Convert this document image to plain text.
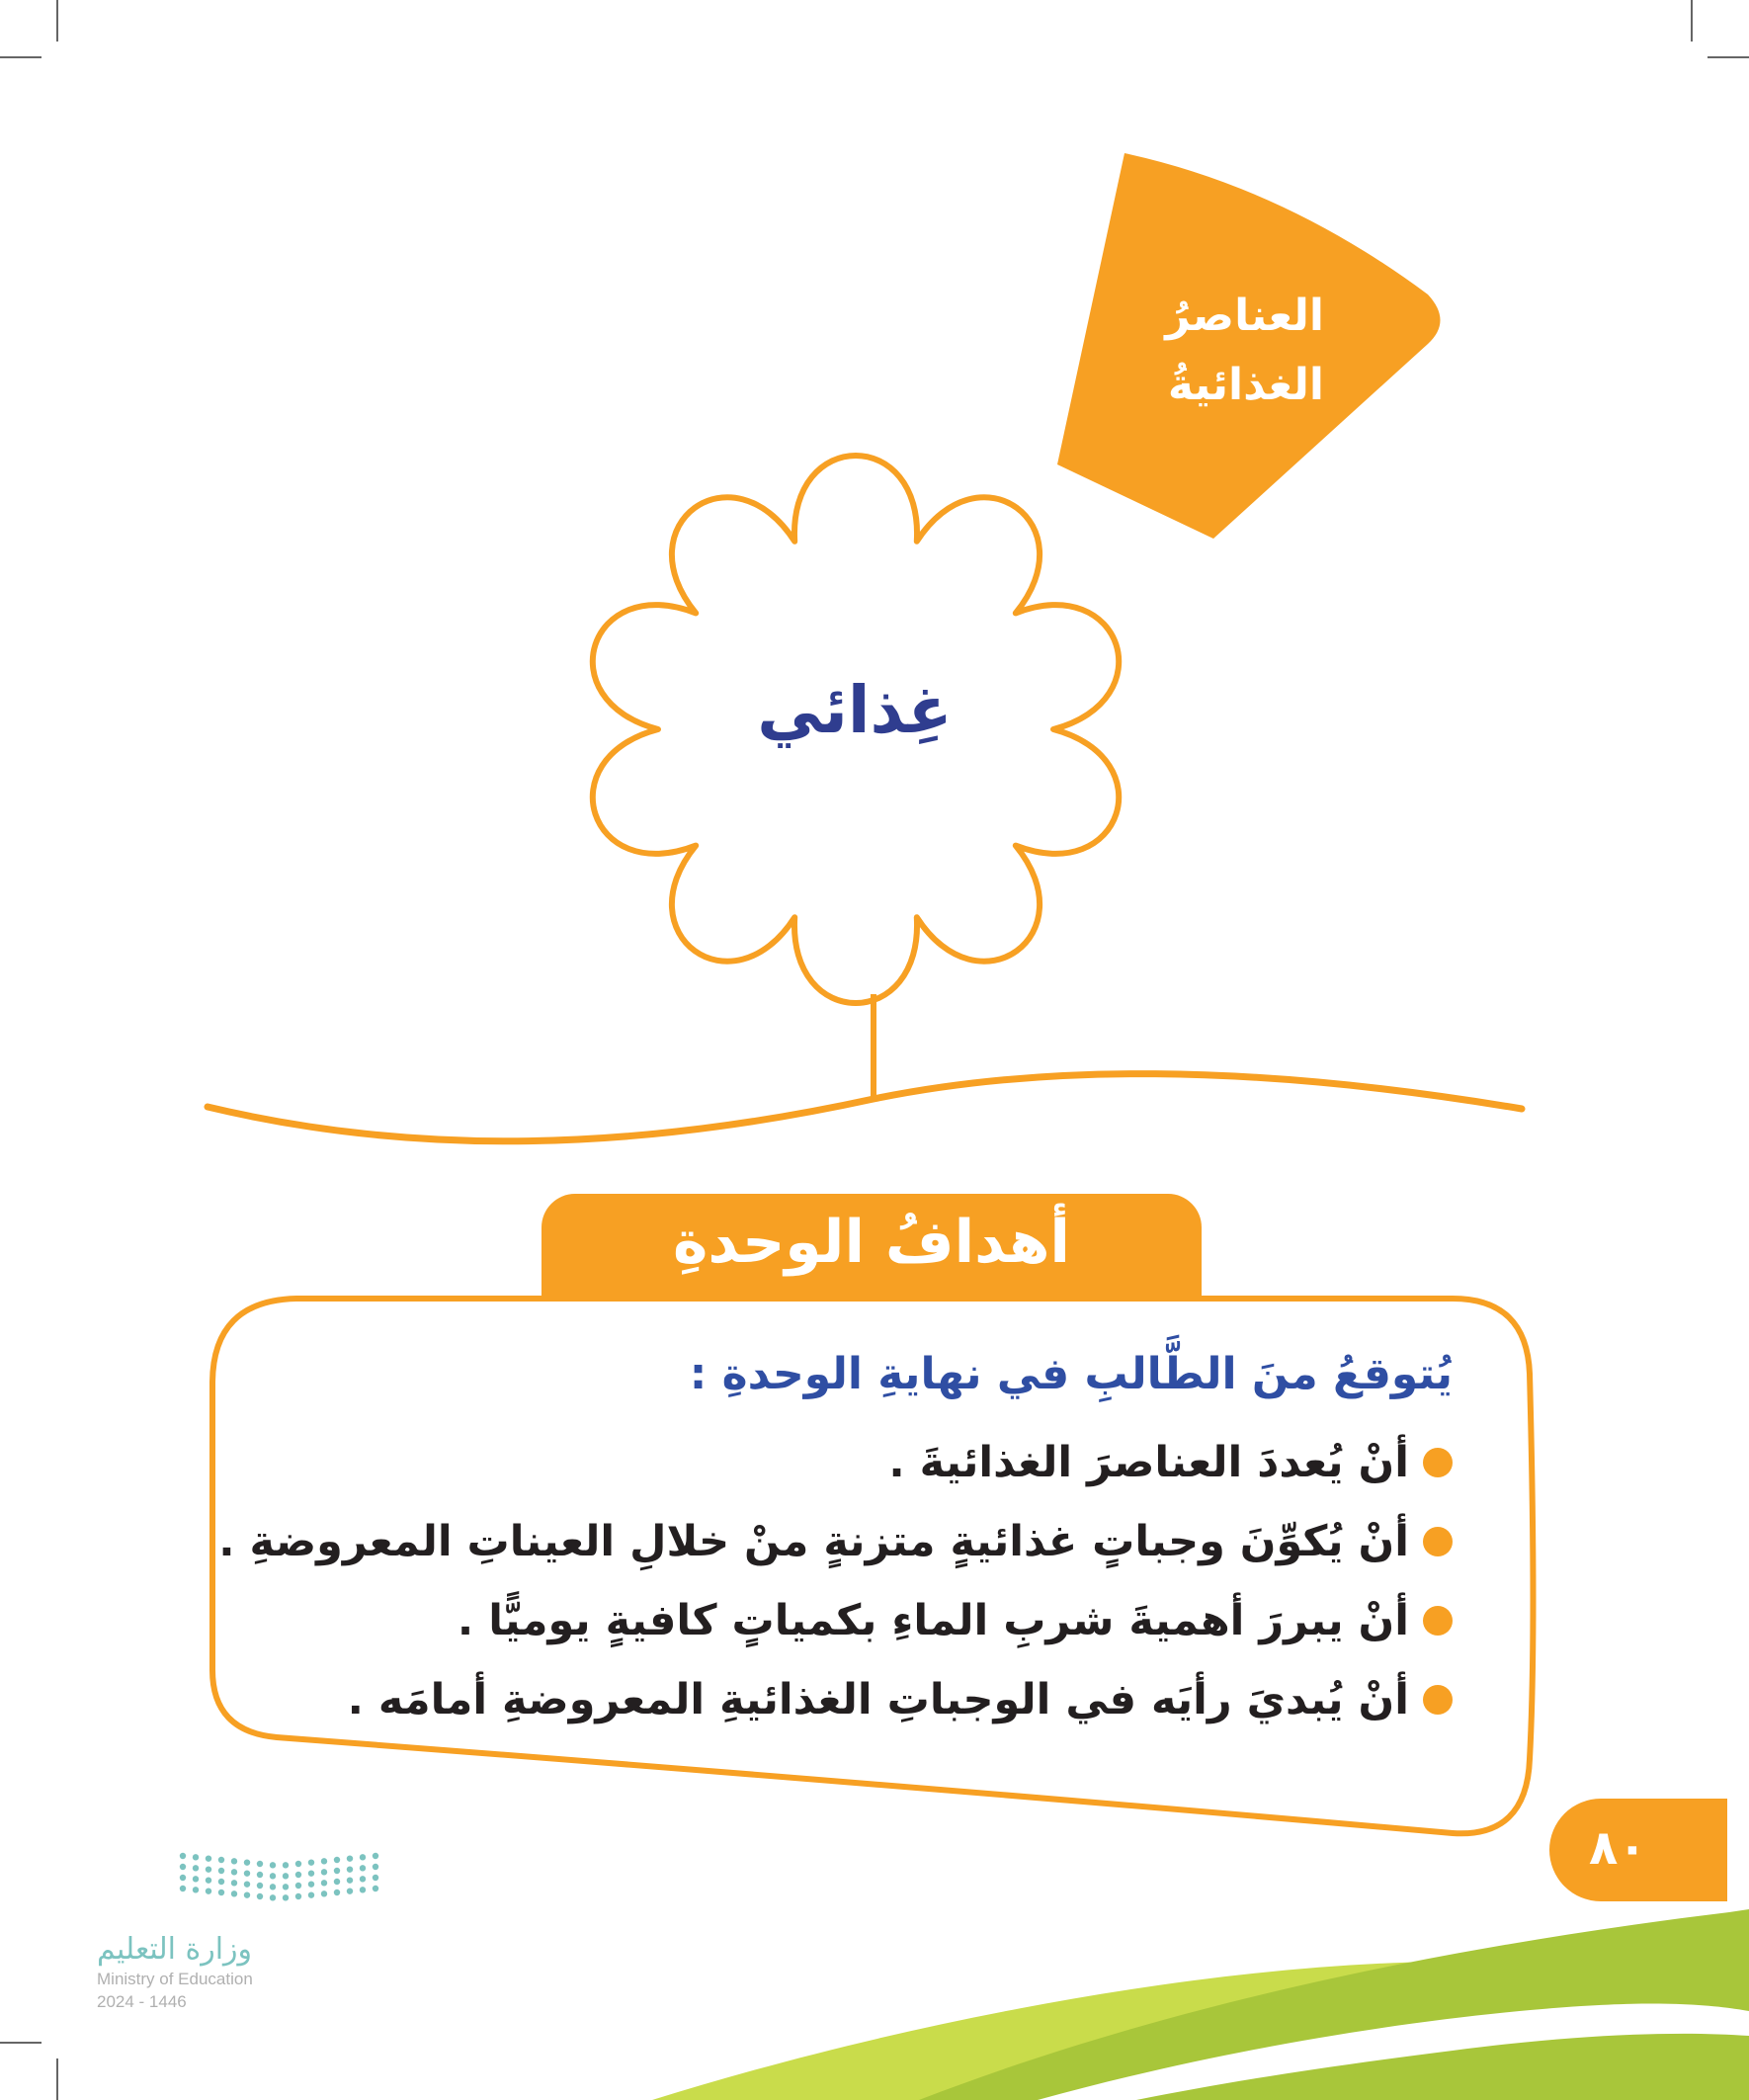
العناصرُ
الغذائيةُ
غِذائي
أهدافُ الوحدةِ
يُتوقعُ منَ الطَّالبِ في نهايةِ الوحدةِ :
أنْ يُعددَ العناصرَ الغذائيةَ .
أنْ يُكوِّنَ وجباتٍ غذائيةٍ متزنةٍ منْ خلالِ العيناتِ المعروضةِ .
أنْ يبررَ أهميةَ شربِ الماءِ بكمياتٍ كافيةٍ يوميًّا .
أنْ يُبديَ رأيَه في الوجباتِ الغذائيةِ المعروضةِ أمامَه .
٨٠
وزارة التعليم
Ministry of Education
2024 - 1446
